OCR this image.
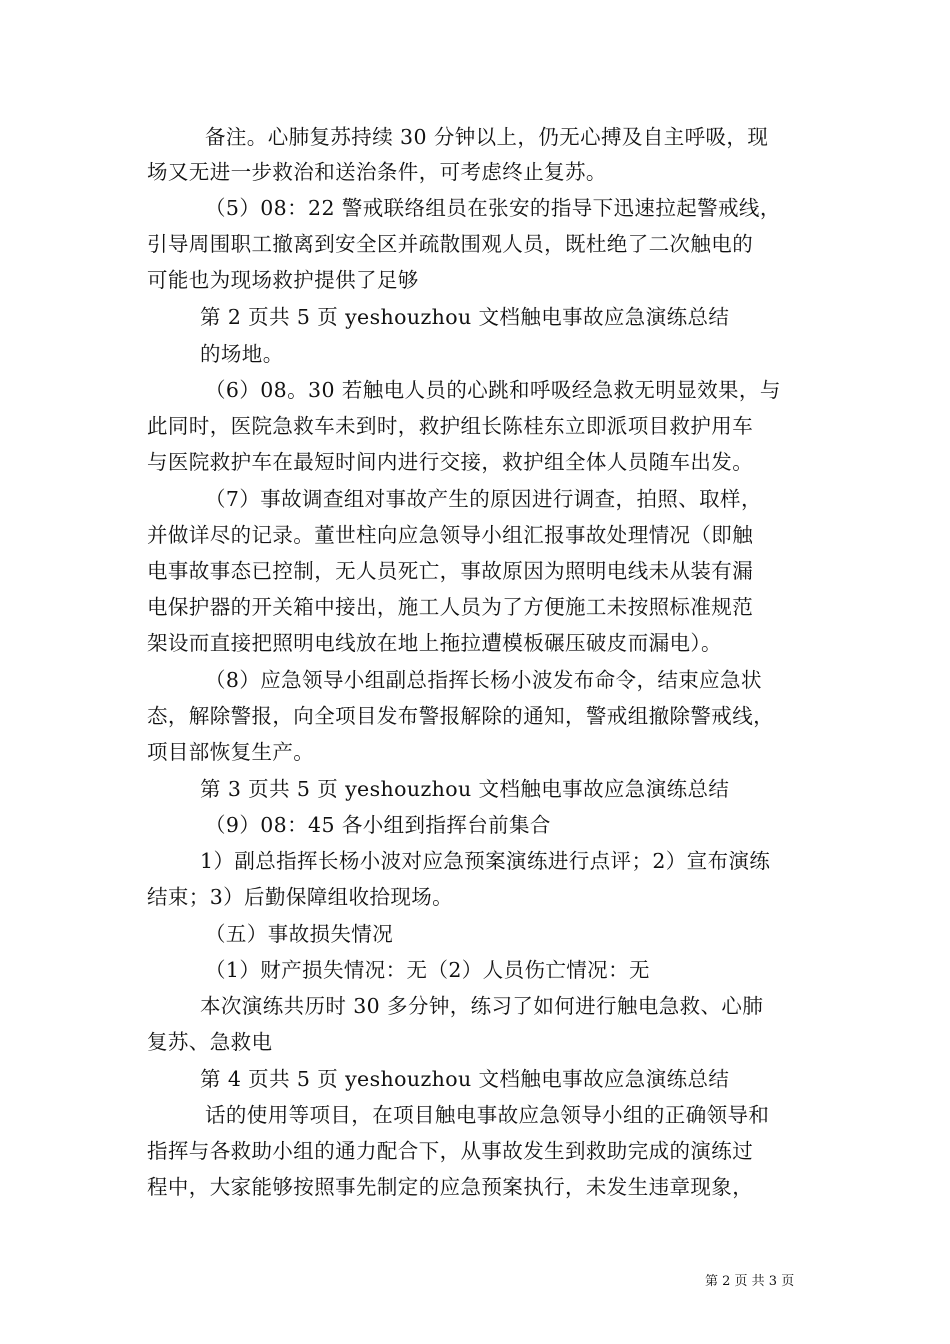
备注。心肺复苏持续 30 分钟以上，仍无心搏及自主呼吸，现
场又无进一步救治和送治条件，可考虑终止复苏。
（5）08：22 警戒联络组员在张安的指导下迅速拉起警戒线，
引导周围职工撤离到安全区并疏散围观人员，既杜绝了二次触电的
可能也为现场救护提供了足够
第 2 页共 5 页 yeshouzhou 文档触电事故应急演练总结
的场地。
（6）08。30 若触电人员的心跳和呼吸经急救无明显效果，与
此同时，医院急救车未到时，救护组长陈桂东立即派项目救护用车
与医院救护车在最短时间内进行交接，救护组全体人员随车出发。
（7）事故调查组对事故产生的原因进行调查，拍照、取样，
并做详尽的记录。董世柱向应急领导小组汇报事故处理情况（即触
电事故事态已控制，无人员死亡，事故原因为照明电线未从装有漏
电保护器的开关箱中接出，施工人员为了方便施工未按照标准规范
架设而直接把照明电线放在地上拖拉遭模板碾压破皮而漏电）。
（8）应急领导小组副总指挥长杨小波发布命令，结束应急状
态，解除警报，向全项目发布警报解除的通知，警戒组撤除警戒线，
项目部恢复生产。
第 3 页共 5 页 yeshouzhou 文档触电事故应急演练总结
（9）08：45 各小组到指挥台前集合
1）副总指挥长杨小波对应急预案演练进行点评；2）宣布演练
结束；3）后勤保障组收拾现场。
（五）事故损失情况
（1）财产损失情况：无（2）人员伤亡情况：无
本次演练共历时 30 多分钟，练习了如何进行触电急救、心肺
复苏、急救电
第 4 页共 5 页 yeshouzhou 文档触电事故应急演练总结
话的使用等项目，在项目触电事故应急领导小组的正确领导和
指挥与各救助小组的通力配合下，从事故发生到救助完成的演练过
程中，大家能够按照事先制定的应急预案执行，未发生违章现象，
第 2 页 共 3 页
